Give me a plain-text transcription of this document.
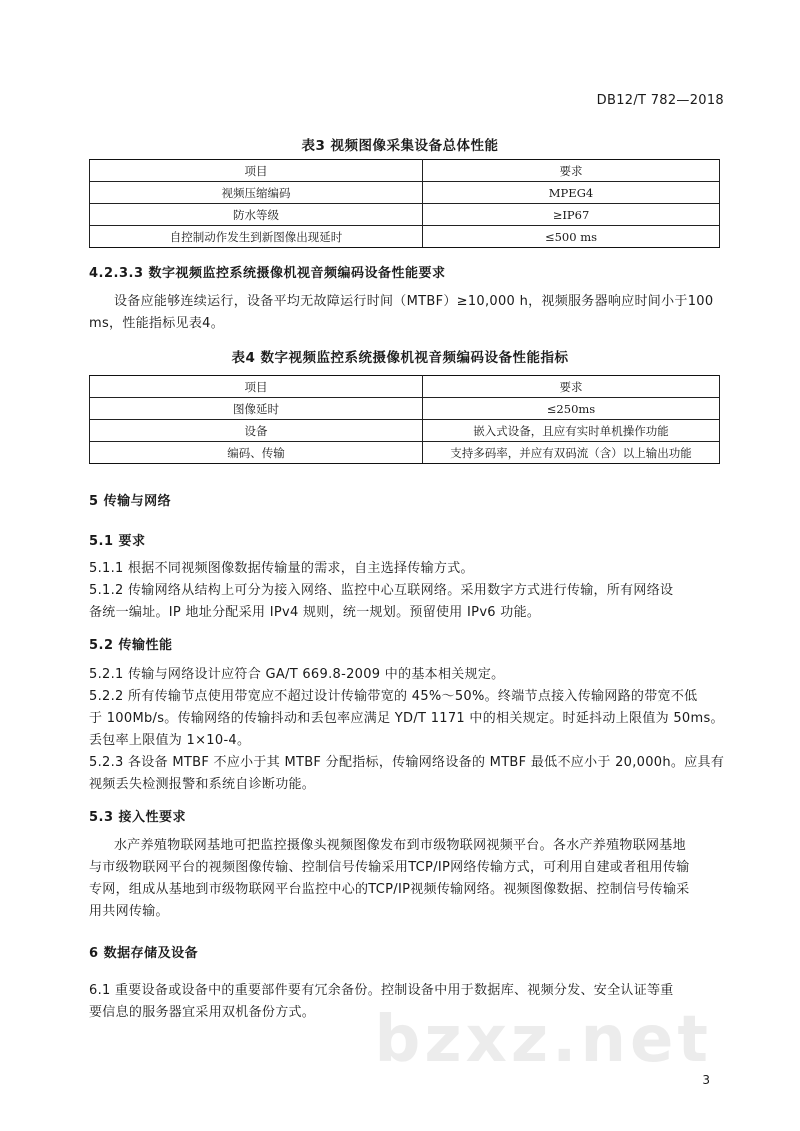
DB12/T 782—2018
表3 视频图像采集设备总体性能
项目	要求
视频压缩编码	MPEG4
防水等级	≥IP67
自控制动作发生到新图像出现延时	≤500 ms
4.2.3.3 数字视频监控系统摄像机视音频编码设备性能要求
设备应能够连续运行，设备平均无故障运行时间（MTBF）≥10,000 h，视频服务器响应时间小于100
ms，性能指标见表4。
表4 数字视频监控系统摄像机视音频编码设备性能指标
项目	要求
图像延时	≤250ms
设备	嵌入式设备，且应有实时单机操作功能
编码、传输	支持多码率，并应有双码流（含）以上输出功能
5 传输与网络
5.1 要求
5.1.1 根据不同视频图像数据传输量的需求，自主选择传输方式。
5.1.2 传输网络从结构上可分为接入网络、监控中心互联网络。采用数字方式进行传输，所有网络设
备统一编址。IP 地址分配采用 IPv4 规则，统一规划。预留使用 IPv6 功能。
5.2 传输性能
5.2.1 传输与网络设计应符合 GA/T 669.8-2009 中的基本相关规定。
5.2.2 所有传输节点使用带宽应不超过设计传输带宽的 45%～50%。终端节点接入传输网路的带宽不低
于 100Mb/s。传输网络的传输抖动和丢包率应满足 YD/T 1171 中的相关规定。时延抖动上限值为 50ms。
丢包率上限值为 1×10-4。
5.2.3 各设备 MTBF 不应小于其 MTBF 分配指标，传输网络设备的 MTBF 最低不应小于 20,000h。应具有
视频丢失检测报警和系统自诊断功能。
5.3 接入性要求
水产养殖物联网基地可把监控摄像头视频图像发布到市级物联网视频平台。各水产养殖物联网基地
与市级物联网平台的视频图像传输、控制信号传输采用TCP/IP网络传输方式，可利用自建或者租用传输
专网，组成从基地到市级物联网平台监控中心的TCP/IP视频传输网络。视频图像数据、控制信号传输采
用共网传输。
6 数据存储及设备
6.1 重要设备或设备中的重要部件要有冗余备份。控制设备中用于数据库、视频分发、安全认证等重
要信息的服务器宜采用双机备份方式。 bzxz.net
3
